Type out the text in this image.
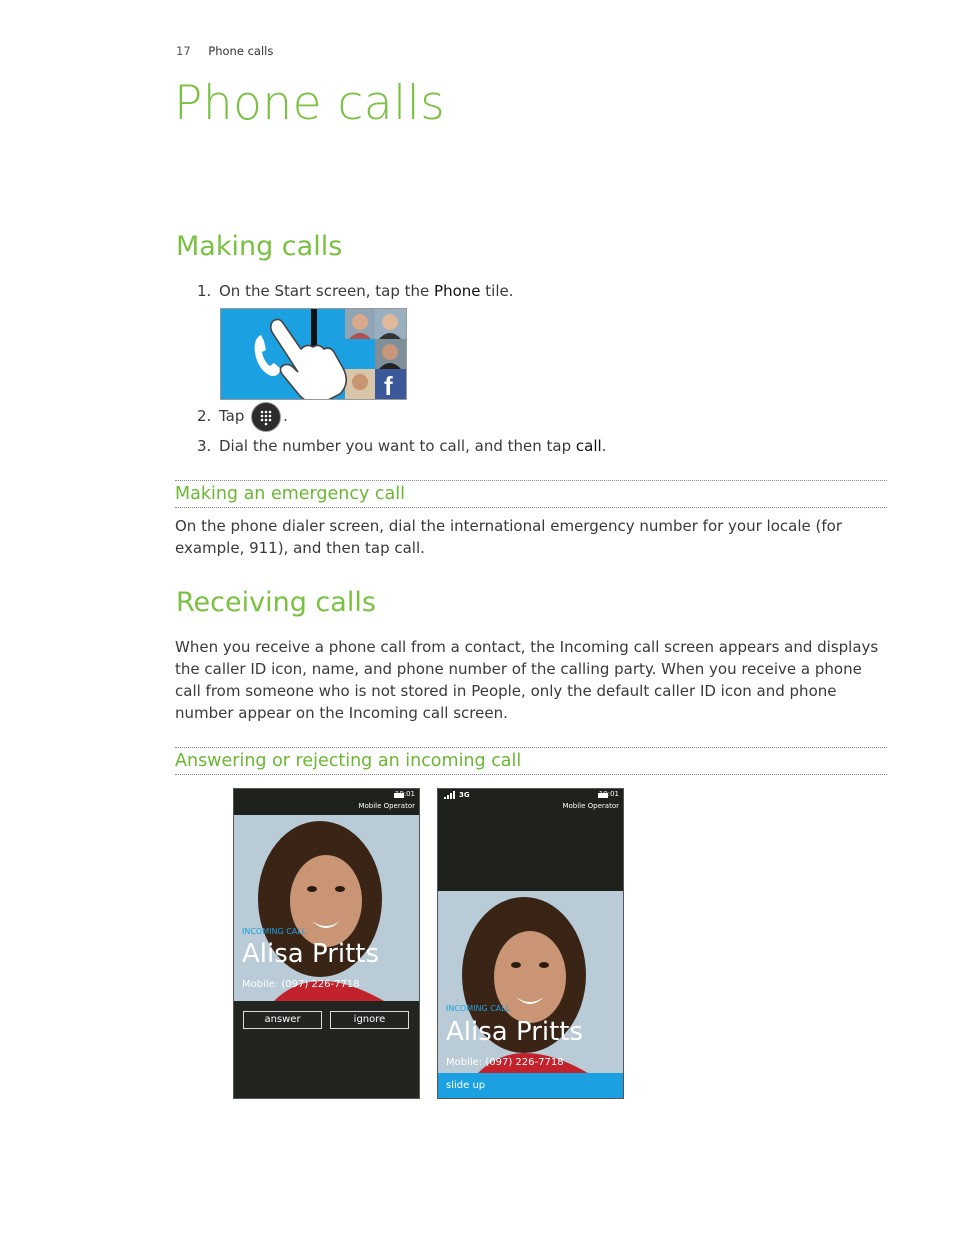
17 Phone calls
Phone calls
Making calls
1. On the Start screen, tap the Phone tile.
f
2. Tap .
3. Dial the number you want to call, and then tap call.
Making an emergency call

On the phone dialer screen, dial the international emergency number for your locale (for example, 911), and then tap call.

Receiving calls

When you receive a phone call from a contact, the Incoming call screen appears and displays the caller ID icon, name, and phone number of the calling party. When you receive a phone call from someone who is not stored in People, only the default caller ID icon and phone number appear on the Incoming call screen.

Answering or rejecting an incoming call
10:01
Mobile Operator
INCOMING CALL
Alisa Pritts
Mobile: (097) 226-7718
answer	ignore
3G	10:01
Mobile Operator
INCOMING CALL
Alisa Pritts
Mobile: (097) 226-7718
slide up
